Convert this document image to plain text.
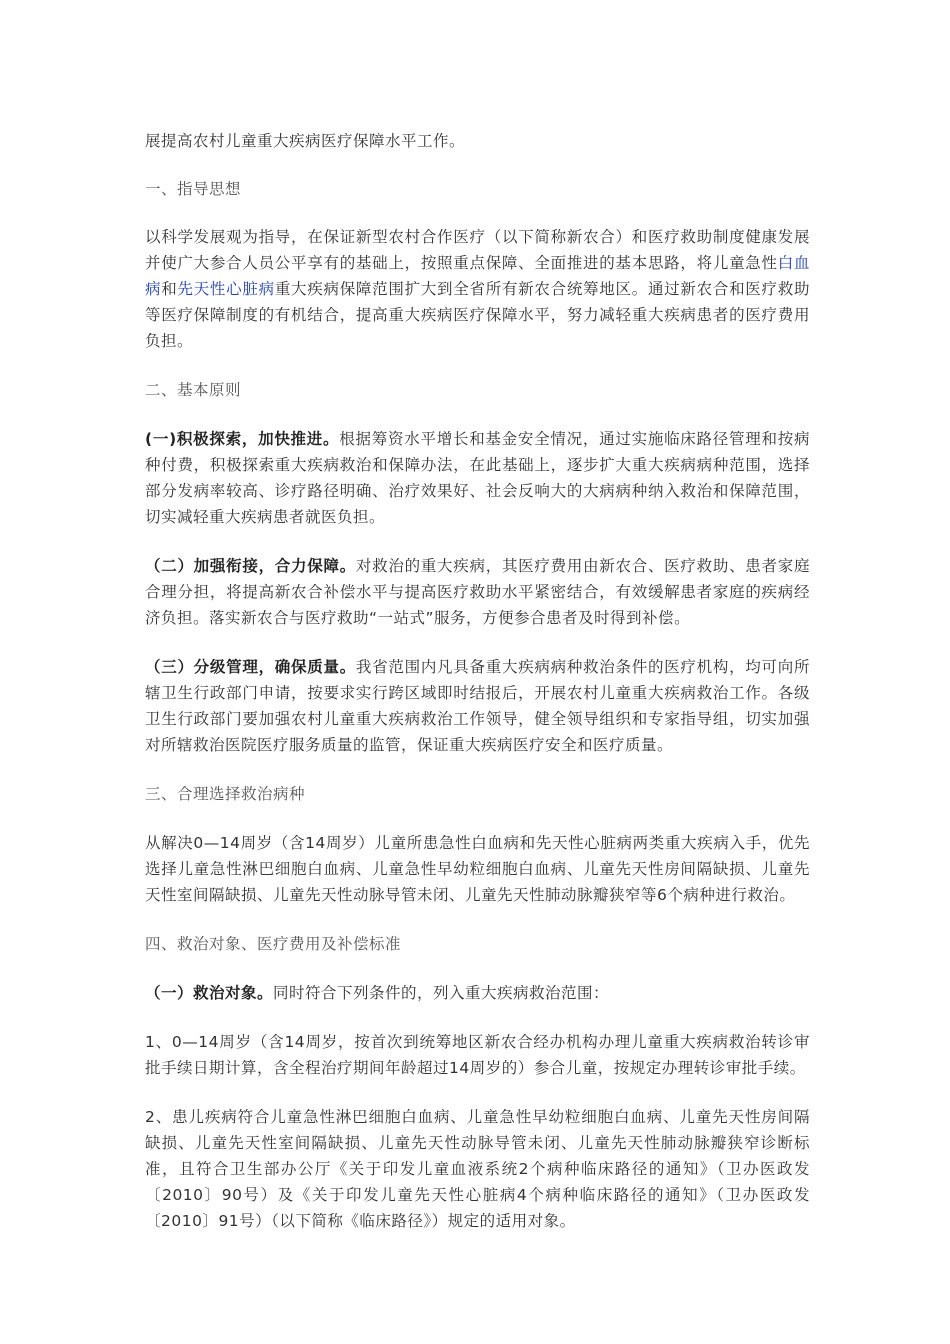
展提高农村儿童重大疾病医疗保障水平工作。

一、指导思想

以科学发展观为指导，在保证新型农村合作医疗（以下简称新农合）和医疗救助制度健康发展并使广大参合人员公平享有的基础上，按照重点保障、全面推进的基本思路，将儿童急性白血病和先天性心脏病重大疾病保障范围扩大到全省所有新农合统筹地区。通过新农合和医疗救助等医疗保障制度的有机结合，提高重大疾病医疗保障水平，努力减轻重大疾病患者的医疗费用负担。

二、基本原则

(一)积极探索，加快推进。根据筹资水平增长和基金安全情况，通过实施临床路径管理和按病种付费，积极探索重大疾病救治和保障办法，在此基础上，逐步扩大重大疾病病种范围，选择部分发病率较高、诊疗路径明确、治疗效果好、社会反响大的大病病种纳入救治和保障范围，切实减轻重大疾病患者就医负担。

（二）加强衔接，合力保障。对救治的重大疾病，其医疗费用由新农合、医疗救助、患者家庭合理分担，将提高新农合补偿水平与提高医疗救助水平紧密结合，有效缓解患者家庭的疾病经济负担。落实新农合与医疗救助“一站式”服务，方便参合患者及时得到补偿。

（三）分级管理，确保质量。我省范围内凡具备重大疾病病种救治条件的医疗机构，均可向所辖卫生行政部门申请，按要求实行跨区域即时结报后，开展农村儿童重大疾病救治工作。各级卫生行政部门要加强农村儿童重大疾病救治工作领导，健全领导组织和专家指导组，切实加强对所辖救治医院医疗服务质量的监管，保证重大疾病医疗安全和医疗质量。

三、合理选择救治病种

从解决0—14周岁（含14周岁）儿童所患急性白血病和先天性心脏病两类重大疾病入手，优先选择儿童急性淋巴细胞白血病、儿童急性早幼粒细胞白血病、儿童先天性房间隔缺损、儿童先天性室间隔缺损、儿童先天性动脉导管未闭、儿童先天性肺动脉瓣狭窄等6个病种进行救治。

四、救治对象、医疗费用及补偿标准

（一）救治对象。同时符合下列条件的，列入重大疾病救治范围：

1、0—14周岁（含14周岁，按首次到统筹地区新农合经办机构办理儿童重大疾病救治转诊审批手续日期计算，含全程治疗期间年龄超过14周岁的）参合儿童，按规定办理转诊审批手续。

2、患儿疾病符合儿童急性淋巴细胞白血病、儿童急性早幼粒细胞白血病、儿童先天性房间隔缺损、儿童先天性室间隔缺损、儿童先天性动脉导管未闭、儿童先天性肺动脉瓣狭窄诊断标准，且符合卫生部办公厅《关于印发儿童血液系统2个病种临床路径的通知》（卫办医政发〔2010〕90号）及《关于印发儿童先天性心脏病4个病种临床路径的通知》（卫办医政发〔2010〕91号）（以下简称《临床路径》）规定的适用对象。
